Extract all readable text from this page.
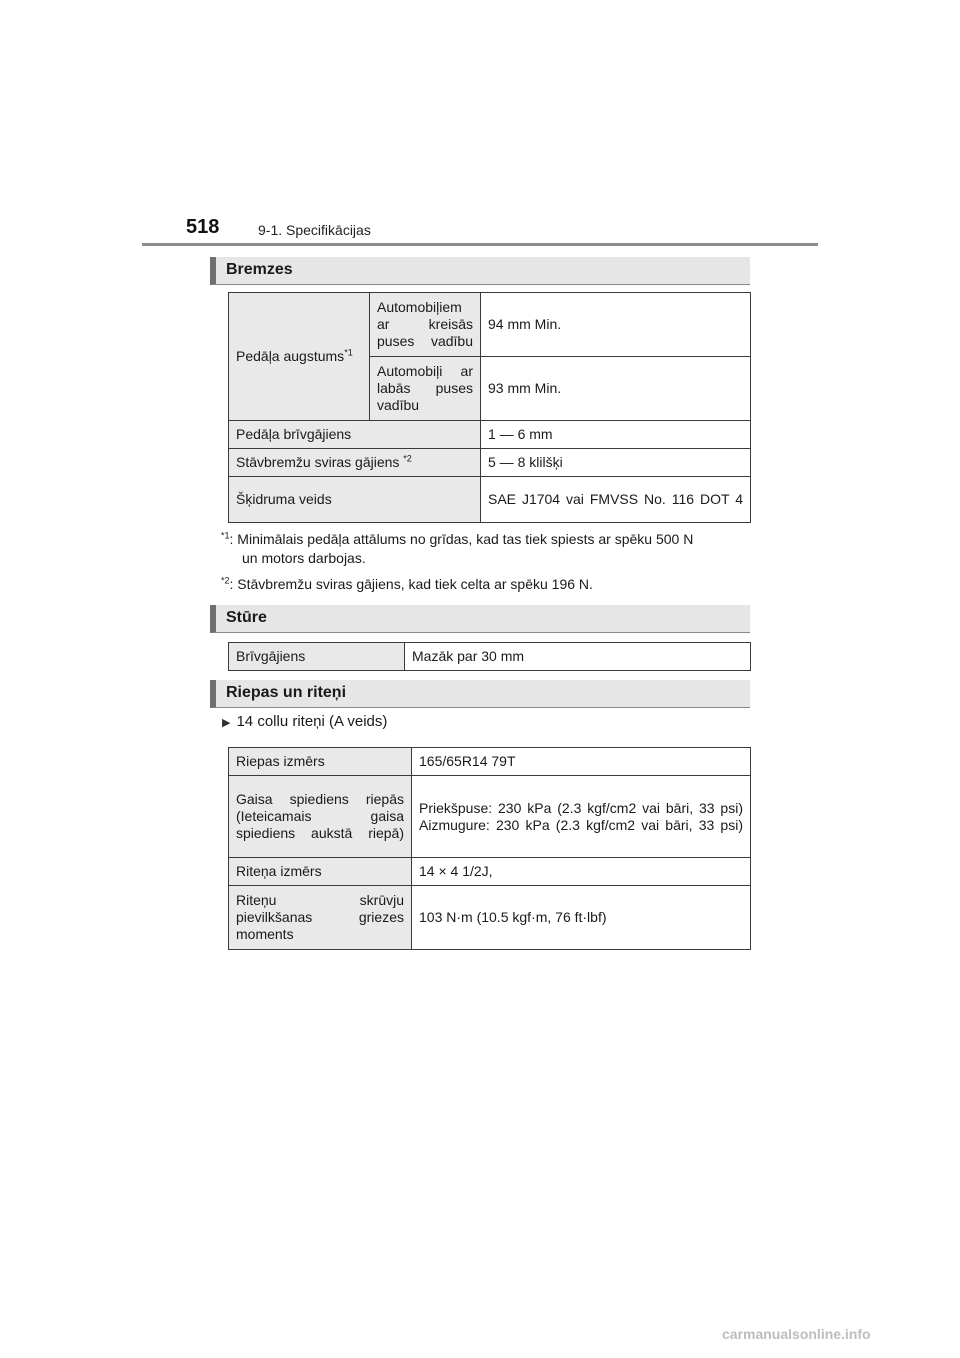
518	9-1. Specifikācijas
Bremzes
Pedāļa augstums$^{*1}$	Automobiļiem ar kreisās puses vadību	94 mm Min.
	Automobiļi ar labās puses vadību	93 mm Min.
Pedāļa brīvgājiens		1 — 6 mm
Stāvbremžu sviras gājiens $^{*2}$		5 — 8 klilšķi
Šķidruma veids		SAE J1704 vai FMVSS No. 116 DOT 4
$^{*1}$: Minimālais pedāļa attālums no grīdas, kad tas tiek spiests ar spēku 500 N
un motors darbojas.
$^{*2}$: Stāvbremžu sviras gājiens, kad tiek celta ar spēku 196 N.
Stūre
Brīvgājiens	Mazāk par 30 mm
Riepas un riteņi
▶ 14 collu riteņi (A veids)
Riepas izmērs	165/65R14 79T
Gaisa spiediens riepās (Ieteicamais gaisa spiediens aukstā riepā)	Priekšpuse: 230 kPa (2.3 kgf/cm2 vai bāri, 33 psi)
Aizmugure: 230 kPa (2.3 kgf/cm2 vai bāri, 33 psi)

Riteņa izmērs	14 × 4 1/2J,
Riteņu skrūvju pievilkšanas griezes moments	103 N·m (10.5 kgf·m, 76 ft·lbf)
carmanualsonline.info
